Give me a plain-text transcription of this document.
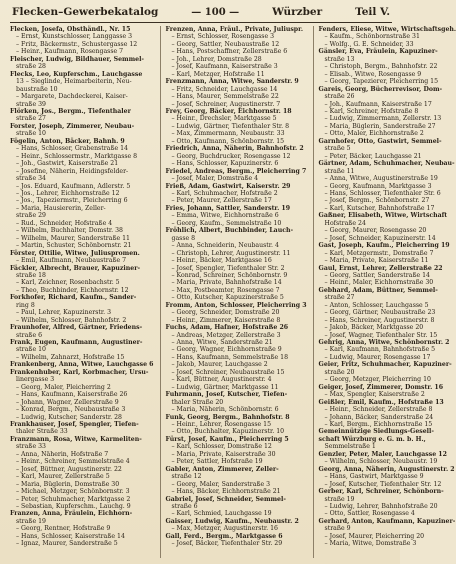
Flecken–Gewerbekatalog	— 100 —	Würzber	Teil V.
Flecken, Josefa, Obsthändl., Nr. 15
– Ernst, Kunstschlosser, Langgasse 3
– Fritz, Bäckermstr., Schustergasse 12
– Heinr., Kaufmann, Rosengasse 7
Fleischer, Ludwig, Bildhauer, Semmel-
straße 28
Flecks, Leo, Kupferschm., Lauchgasse
13 – Sieglinde, Heimarbeiterin, Neu-
baustraße 10
– Margarete, Dachdeckerei, Kaiser-
straße 39
Flörken, Jos., Bergm., Tiefenthaler
straße 27
Forster, Joseph, Zimmerer, Neubau-
straße 10
Fögelin, Anton, Bäcker, Bahnh. 9
– Hans, Schlosser, Grabenstraße 14
– Heinr., Schlossermstr., Marktgasse 8
– Joh., Gastwirt, Kaiserstraße 21
– Josefine, Näherin, Heidingsfelder-
straße 34
– Jos. Eduard, Kaufmann, Adlerstr. 5
– Jos., Lehrer, Eichhornstraße 12
– Jos., Tapeziermstr., Pleicherring 6
– Maria, Hausiererin, Zeller-
straße 29
– Rud., Schneider, Hofstraße 4
– Wilhelm, Buchhalter, Domstr. 38
– Wilhelm, Maurer, Sanderstraße 11
– Martin, Schuster, Schönbornstr. 21
Förster, Ottilie, Witwe, Juliuspromen.
– Emil, Kaufmann, Neubaustraße 7
Fäckler, Albrecht, Brauer, Kapuziner-
straße 18
– Karl, Zeichner, Rosenbachstr. 5
– Theo, Buchbinder, Eichhornstr. 12
Forkhofer, Richard, Kaufm., Sander-
ring 8
– Paul, Lehrer, Kapuzinerstr. 3
– Wilhelm, Schlosser, Bahnhofstr. 2
Fraunhofer, Alfred, Gärtner, Friedens-
straße 6
Frank, Eugen, Kaufmann, Augustiner-
straße 10
– Wilhelm, Zahnarzt, Hofstraße 15
Frankenberg, Anna, Witwe, Lauchgasse 6
Frankenhuber, Karl, Korbmacher, Ursu-
linergasse 3
– Georg, Maler, Pleicherring 2
– Hans, Kaufmann, Kaiserstraße 26
– Johann, Wagner, Zellerstraße 9
– Konrad, Bergm., Neubaustraße 3
– Ludwig, Kutscher, Sanderstr. 28
Frankhauser, Josef, Spengler, Tiefen-
thaler Straße 33
Franzmann, Rosa, Witwe, Karmeliten-
straße 33
– Anna, Näherin, Hofstraße 7
– Heinr., Schreiner, Semmelstraße 4
– Josef, Büttner, Augustinerstr. 22
– Karl, Maurer, Zellerstraße 5
– Maria, Büglerin, Domstraße 30
– Michael, Metzger, Schönbornstr. 3
– Peter, Schuhmacher, Marktgasse 2
– Sebastian, Kupferschm., Lauchg. 9
Franzen, Anna, Fräulein, Eichhorn-
straße 19
– Georg, Rentner, Hofstraße 9
– Hans, Schlosser, Kaiserstraße 14
– Ignaz, Maurer, Sanderstraße 5
Frenzen, Anna, Fräul., Private, Juliuspr.
– Ernst, Schlosser, Rosengasse 3
– Georg, Sattler, Neubaustraße 12
– Hans, Postschaffner, Zellerstraße 6
– Joh., Lehrer, Domstraße 28
– Josef, Kaufmann, Kaiserstraße 3
– Karl, Metzger, Hofstraße 11
Frenzmann, Anna, Witwe, Sanderstr. 9
– Fritz, Schneider, Lauchgasse 14
– Hans, Maurer, Semmelstraße 22
– Josef, Schreiner, Augustinerstr. 7
Frey, Georg, Bäcker, Eichhornstr. 18
– Heinr., Drechsler, Marktgasse 5
– Ludwig, Gärtner, Tiefenthaler Str. 8
– Max, Zimmermann, Neubaustr. 33
– Otto, Kaufmann, Schönbornstr. 15
Friedrich, Anna, Näherin, Bahnhofstr. 2
– Georg, Buchdrucker, Rosengasse 12
– Hans, Schlosser, Kapuzinerstr. 6
Friedel, Andreas, Bergm., Pleicherring 7
– Josef, Maler, Domstraße 4
Frieß, Adam, Gastwirt, Kaiserstr. 29
– Karl, Schuhmacher, Hofstraße 2
– Peter, Maurer, Zellerstraße 17
Fries, Johann, Sattler, Sanderstr. 19
– Emma, Witwe, Eichhornstraße 6
– Georg, Kaufm., Semmelstraße 10
Fröhlich, Albert, Buchbinder, Lauch-
gasse 8
– Anna, Schneiderin, Neubaustr. 4
– Christoph, Lehrer, Augustinerstr. 11
– Heinr., Bäcker, Marktgasse 16
– Josef, Spengler, Tiefenthaler Str. 2
– Konrad, Schreiner, Schönbornstr. 9
– Maria, Private, Bahnhofstraße 14
– Max, Postbeamter, Rosengasse 7
– Otto, Kutscher, Kapuzinerstraße 5
Fromm, Anton, Schlosser, Pleicherring 3
– Georg, Schneider, Domstraße 20
– Heinr., Zimmerer, Kaiserstraße 8
Fuchs, Adam, Hafner, Hofstraße 26
– Andreas, Metzger, Zellerstraße 3
– Anna, Witwe, Sanderstraße 21
– Georg, Wagner, Eichhornstraße 9
– Hans, Kaufmann, Semmelstraße 18
– Jakob, Maurer, Lauchgasse 2
– Josef, Schreiner, Neubaustraße 15
– Karl, Büttner, Augustinerstr. 4
– Ludwig, Gärtner, Marktgasse 11
Fuhrmann, Josef, Kutscher, Tiefen-
thaler Straße 20
– Maria, Näherin, Schönbornstr. 6
Funk, Georg, Bergm., Bahnhofstr. 8
– Heinr., Lehrer, Rosengasse 15
– Otto, Buchhalter, Kapuzinerstr. 10
Fürst, Josef, Kaufm., Pleicherring 5
– Karl, Schlosser, Domstraße 12
– Maria, Private, Kaiserstraße 30
– Peter, Sattler, Hofstraße 19
Gabler, Anton, Zimmerer, Zeller-
straße 12
– Georg, Maler, Sanderstraße 3
– Hans, Bäcker, Eichhornstraße 21
Gabriel, Josef, Schneider, Semmel-
straße 6
– Karl, Schmied, Lauchgasse 19
Gaisser, Ludwig, Kaufm., Neubaustr. 2
– Max, Metzger, Augustinerstr. 16
Gall, Ferd., Bergm., Marktgasse 6
– Josef, Bäcker, Tiefenthaler Str. 29
Fenders, Eliese, Witwe, Wirtschaftsgeh.
– Kaufm., Schönbornstraße 31
– Wolfg., G. E. Schneider, 33
Gänsler, Eva, Fräulein, Kapuziner-
straße 13
– Christoph, Bergm., Bahnhofstr. 22
– Elisab., Witwe, Rosengasse 9
– Georg, Tapezierer, Pleicherring 15
Gareis, Georg, Bücherrevisor, Dom-
straße 26
– Joh., Kaufmann, Kaiserstraße 17
– Karl, Schreiner, Hofstraße 8
– Ludwig, Zimmermann, Zellerstr. 13
– Maria, Büglerin, Sanderstraße 27
– Otto, Maler, Eichhornstraße 2
Garnhofer, Otto, Gastwirt, Semmel-
straße 5
– Peter, Bäcker, Lauchgasse 21
Gärtner, Adam, Schuhmacher, Neubau-
straße 11
– Anna, Witwe, Augustinerstraße 19
– Georg, Kaufmann, Marktgasse 3
– Hans, Schlosser, Tiefenthaler Str. 6
– Josef, Bergm., Schönbornstr. 27
– Karl, Kutscher, Bahnhofstraße 17
Gaßner, Elisabeth, Witwe, Wirtschaft
Hofstraße 24
– Georg, Maurer, Rosengasse 20
– Josef, Schneider, Kapuzinerstr. 14
Gast, Joseph, Kaufm., Pleicherring 19
– Karl, Metzgermstr., Domstraße 7
– Maria, Private, Kaiserstraße 11
Gaul, Ernst, Lehrer, Zellerstraße 22
– Georg, Sattler, Sanderstraße 14
– Heinr., Maler, Eichhornstraße 30
Gebhard, Adam, Büttner, Semmel-
straße 27
– Anton, Schlosser, Lauchgasse 5
– Georg, Gärtner, Neubaustraße 23
– Hans, Schreiner, Augustinerstr. 8
– Jakob, Bäcker, Marktgasse 20
– Josef, Wagner, Tiefenthaler Str. 15
Gehrig, Anna, Witwe, Schönbornstr. 2
– Karl, Kaufmann, Bahnhofstraße 5
– Ludwig, Maurer, Rosengasse 17
Geier, Fritz, Schuhmacher, Kapuziner-
straße 20
– Georg, Metzger, Pleicherring 10
Geiger, Josef, Zimmerer, Domstr. 16
– Max, Spengler, Kaiserstraße 2
Geißler, Emil, Kaufm., Hofstraße 13
– Heinr., Schneider, Zellerstraße 8
– Johann, Bäcker, Sanderstraße 24
– Karl, Bergm., Eichhornstraße 15
Gemeinnützige Siedlungs-Gesell-
schaft Würzburg e. G. m. b. H.,
Semmelstraße 1
Genzler, Peter, Maler, Lauchgasse 12
– Wilhelm, Schlosser, Neubaustr. 19
Georg, Anna, Näherin, Augustinerstr. 2
– Hans, Gastwirt, Marktgasse 9
– Josef, Kutscher, Tiefenthaler Str. 12
Gerber, Karl, Schreiner, Schönborn-
straße 19
– Ludwig, Lehrer, Bahnhofstraße 20
– Otto, Sattler, Rosengasse 4
Gerhard, Anton, Kaufmann, Kapuziner-
straße 9
– Josef, Maurer, Pleicherring 20
– Maria, Witwe, Domstraße 3
